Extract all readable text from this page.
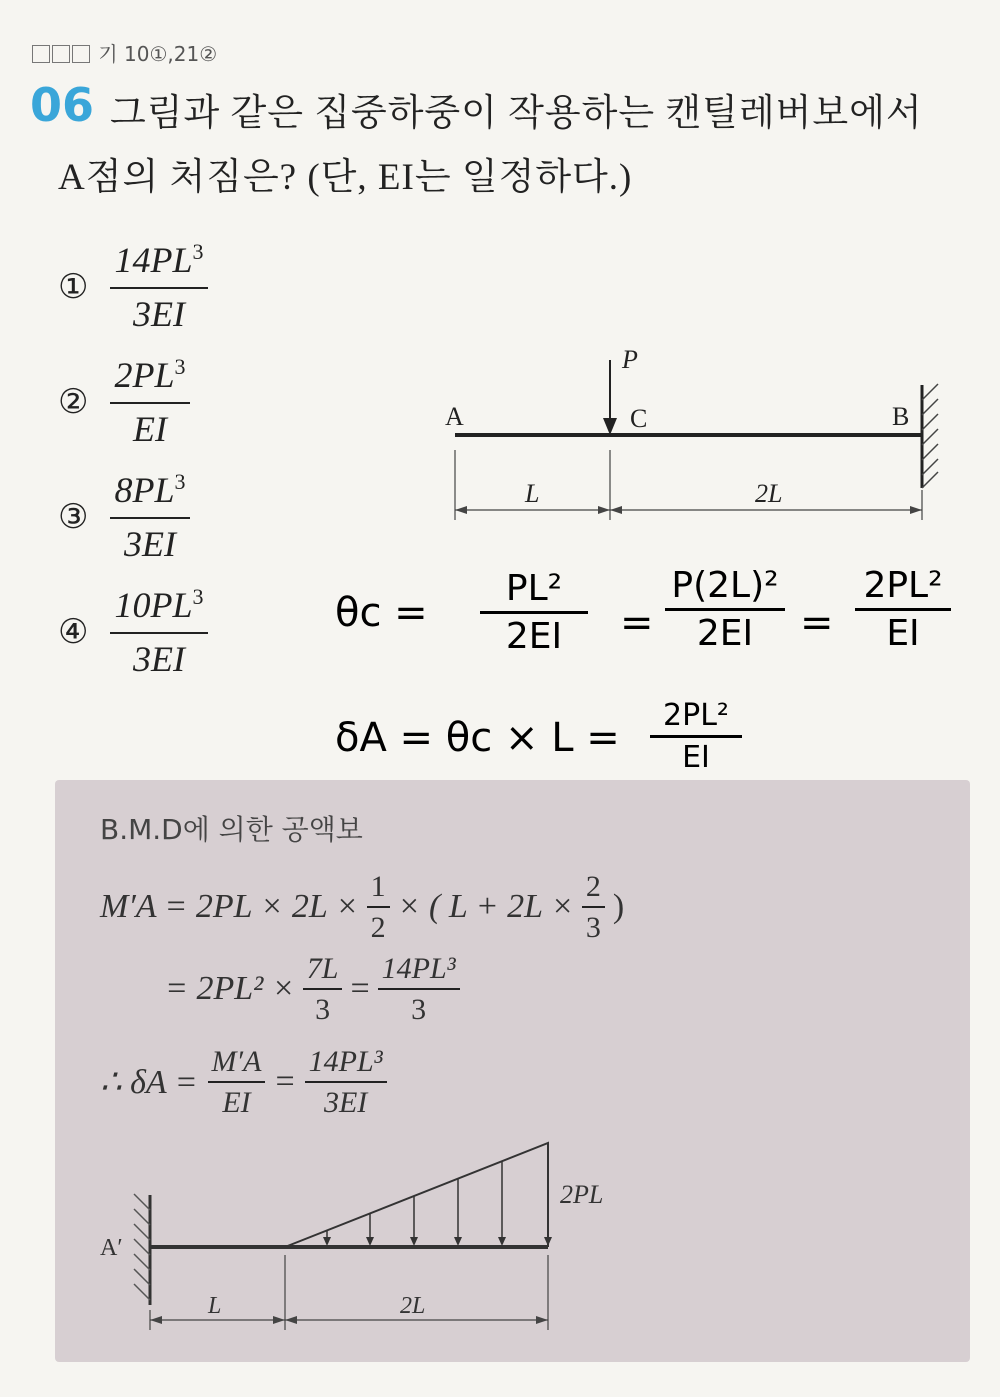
기 10①,21②
06 그림과 같은 집중하중이 작용하는 캔틸레버보에서
A점의 처짐은? (단, EI는 일정하다.)
① $\frac{14PL^3}{3EI}$
② $\frac{2PL^3}{EI}$
③ $\frac{8PL^3}{3EI}$
④ $\frac{10PL^3}{3EI}$
P
A	C	B
L	2L
θc =
PL²
2EI =
P(2L)²
2EI =
2PL²
EI
δA = θc × L = 2PL²
EI
B.M.D에 의한 공액보
$M'A = 2PL \times 2L \times \frac{1}{2}$ × ( $L + 2L \times \frac{2}{3}$ )
= $2PL^2 \times \frac{7L}{3} = \frac{\text{14PL³}}{3}$
∴ $\delta A = \frac{M'A}{EI} = \frac{\text{14PL³}}{3EI}$
A′
2PL
L	2L
